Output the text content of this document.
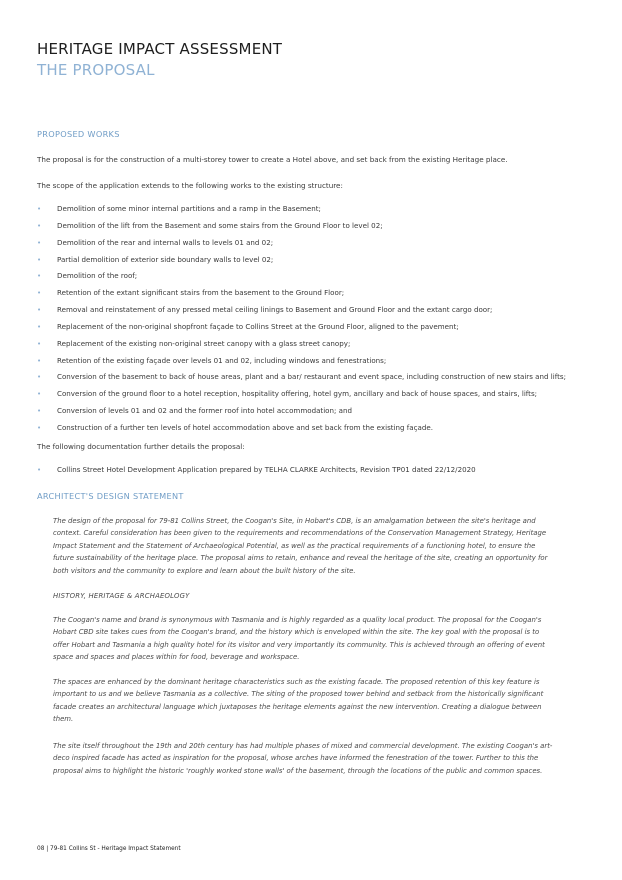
HERITAGE IMPACT ASSESSMENT
THE PROPOSAL
PROPOSED WORKS
The proposal is for the construction of a multi-storey tower to create a Hotel above, and set back from the existing Heritage place.
The scope of the application extends to the following works to the existing structure:
• Demolition of some minor internal partitions and a ramp in the Basement;
• Demolition of the lift from the Basement and some stairs from the Ground Floor to level 02;
• Demolition of the rear and internal walls to levels 01 and 02;
• Partial demolition of exterior side boundary walls to level 02;
• Demolition of the roof;
• Retention of the extant significant stairs from the basement to the Ground Floor;
• Removal and reinstatement of any pressed metal ceiling linings to Basement and Ground Floor and the extant cargo door;
• Replacement of the non-original shopfront façade to Collins Street at the Ground Floor, aligned to the pavement;
• Replacement of the existing non-original street canopy with a glass street canopy;
• Retention of the existing façade over levels 01 and 02, including windows and fenestrations;
• Conversion of the basement to back of house areas, plant and a bar/ restaurant and event space, including construction of new stairs and lifts;
• Conversion of the ground floor to a hotel reception, hospitality offering, hotel gym, ancillary and back of house spaces, and stairs, lifts;
• Conversion of levels 01 and 02 and the former roof into hotel accommodation; and
• Construction of a further ten levels of hotel accommodation above and set back from the existing façade.
The following documentation further details the proposal:
• Collins Street Hotel Development Application prepared by TELHA CLARKE Architects, Revision TP01 dated 22/12/2020
ARCHITECT'S DESIGN STATEMENT
The design of the proposal for 79-81 Collins Street, the Coogan's Site, in Hobart's CDB, is an amalgamation between the site's heritage and context. Careful consideration has been given to the requirements and recommendations of the Conservation Management Strategy, Heritage Impact Statement and the Statement of Archaeological Potential, as well as the practical requirements of a functioning hotel, to ensure the future sustainability of the heritage place. The proposal aims to retain, enhance and reveal the heritage of the site, creating an opportunity for both visitors and the community to explore and learn about the built history of the site.
HISTORY, HERITAGE & ARCHAEOLOGY
The Coogan's name and brand is synonymous with Tasmania and is highly regarded as a quality local product. The proposal for the Coogan's Hobart CBD site takes cues from the Coogan's brand, and the history which is enveloped within the site. The key goal with the proposal is to offer Hobart and Tasmania a high quality hotel for its visitor and very importantly its community. This is achieved through an offering of event space and spaces and places within for food, beverage and workspace.
The spaces are enhanced by the dominant heritage characteristics such as the existing facade. The proposed retention of this key feature is important to us and we believe Tasmania as a collective. The siting of the proposed tower behind and setback from the historically significant facade creates an architectural language which juxtaposes the heritage elements against the new intervention. Creating a dialogue between them.
The site itself throughout the 19th and 20th century has had multiple phases of mixed and commercial development. The existing Coogan's art-deco inspired facade has acted as inspiration for the proposal, whose arches have informed the fenestration of the tower. Further to this the proposal aims to highlight the historic 'roughly worked stone walls' of the basement, through the locations of the public and common spaces.
08 | 79-81 Collins St - Heritage Impact Statement
